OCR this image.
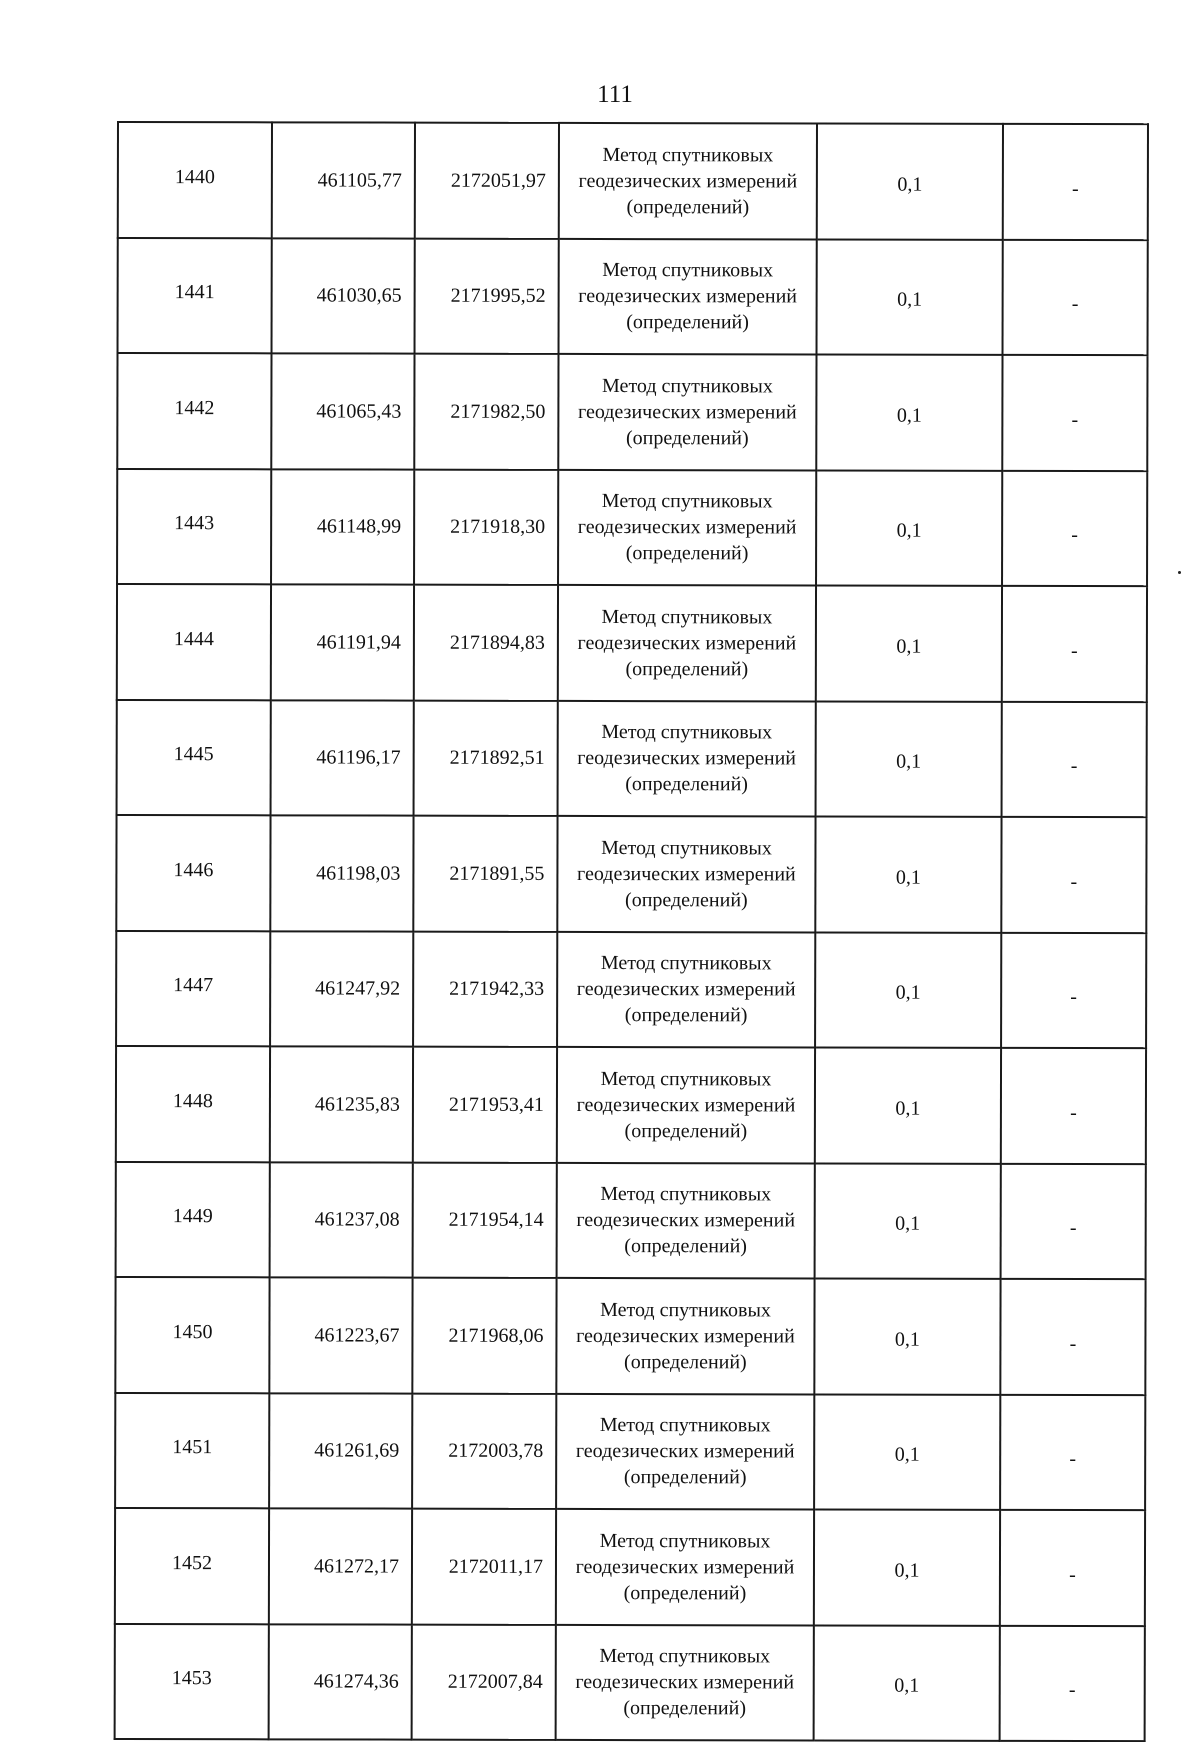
111
1440	461105,77	2172051,97	Метод спутниковых
геодезических измерений
(определений)	0,1	-
1441	461030,65	2171995,52	Метод спутниковых
геодезических измерений
(определений)	0,1	-
1442	461065,43	2171982,50	Метод спутниковых
геодезических измерений
(определений)	0,1	-
1443	461148,99	2171918,30	Метод спутниковых
геодезических измерений
(определений)	0,1	-
1444	461191,94	2171894,83	Метод спутниковых
геодезических измерений
(определений)	0,1	-
1445	461196,17	2171892,51	Метод спутниковых
геодезических измерений
(определений)	0,1	-
1446	461198,03	2171891,55	Метод спутниковых
геодезических измерений
(определений)	0,1	-
1447	461247,92	2171942,33	Метод спутниковых
геодезических измерений
(определений)	0,1	-
1448	461235,83	2171953,41	Метод спутниковых
геодезических измерений
(определений)	0,1	-
1449	461237,08	2171954,14	Метод спутниковых
геодезических измерений
(определений)	0,1	-
1450	461223,67	2171968,06	Метод спутниковых
геодезических измерений
(определений)	0,1	-
1451	461261,69	2172003,78	Метод спутниковых
геодезических измерений
(определений)	0,1	-
1452	461272,17	2172011,17	Метод спутниковых
геодезических измерений
(определений)	0,1	-
1453	461274,36	2172007,84	Метод спутниковых
геодезических измерений
(определений)	0,1	-
